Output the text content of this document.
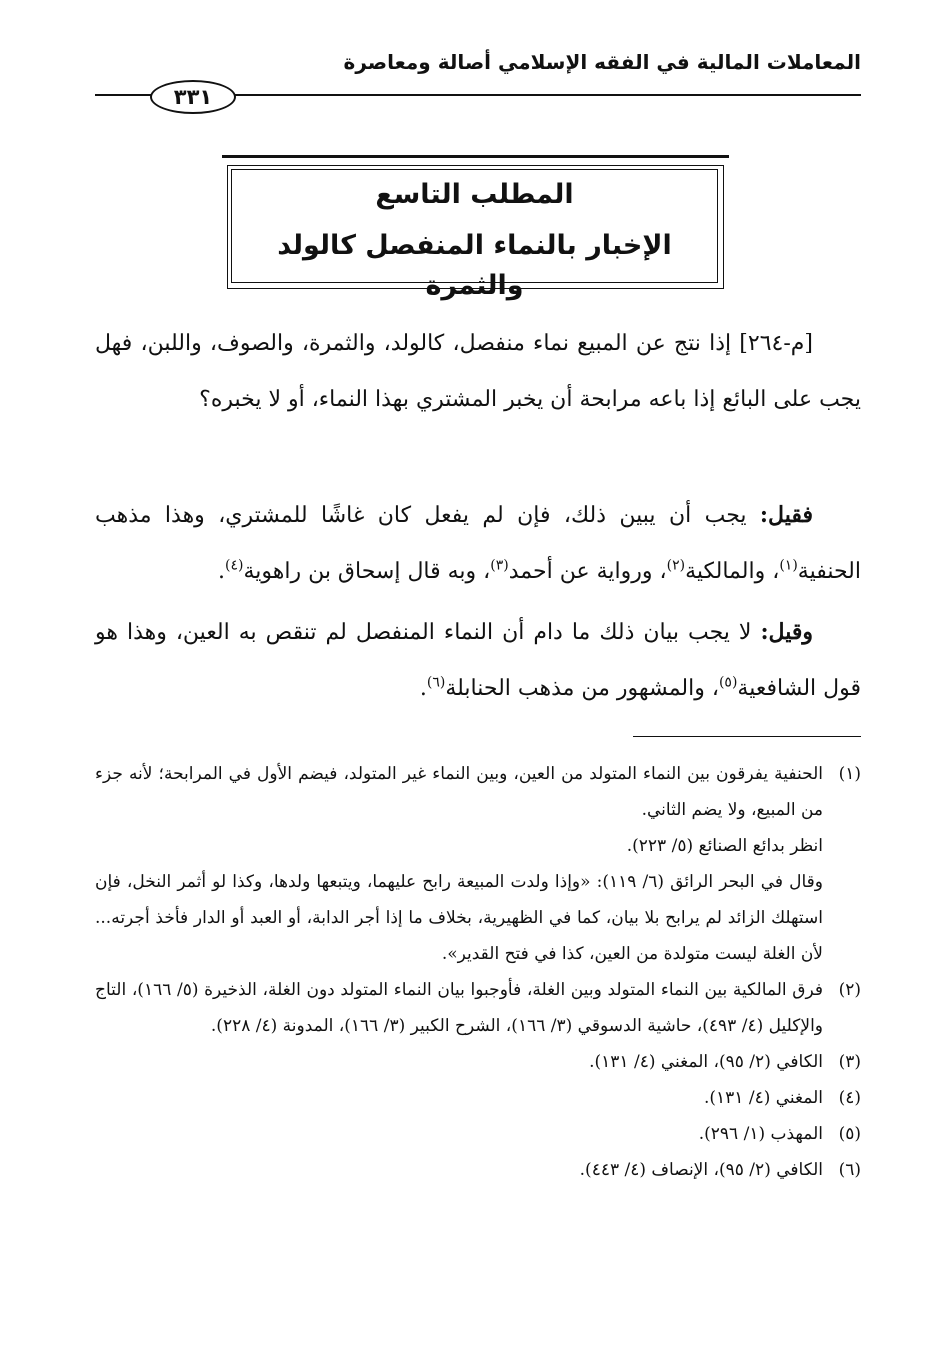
المعاملات المالية في الفقه الإسلامي أصالة ومعاصرة
٣٣١
المطلب التاسع
الإخبار بالنماء المنفصل كالولد والثمرة

[م-٢٦٤] إذا نتج عن المبيع نماء منفصل، كالولد، والثمرة، والصوف، واللبن، فهل يجب على البائع إذا باعه مرابحة أن يخبر المشتري بهذا النماء، أو لا يخبره؟

فقيل: يجب أن يبين ذلك، فإن لم يفعل كان غاشًا للمشتري، وهذا مذهب الحنفية$^{(١)}$، والمالكية$^{(٢)}$، ورواية عن أحمد$^{(٣)}$، وبه قال إسحاق بن راهوية$^{(٤)}$.

وقيل: لا يجب بيان ذلك ما دام أن النماء المنفصل لم تنقص به العين، وهذا هو قول الشافعية$^{(٥)}$، والمشهور من مذهب الحنابلة$^{(٦)}$.

(١)
الحنفية يفرقون بين النماء المتولد من العين، وبين النماء غير المتولد، فيضم الأول في المرابحة؛ لأنه جزء من المبيع، ولا يضم الثاني.
انظر بدائع الصنائع (٥/ ٢٢٣).
وقال في البحر الرائق (٦/ ١١٩): «وإذا ولدت المبيعة رابح عليهما، ويتبعها ولدها، وكذا لو أثمر النخل، فإن استهلك الزائد لم يرابح بلا بيان، كما في الظهيرية، بخلاف ما إذا أجر الدابة، أو العبد أو الدار فأخذ أجرته... لأن الغلة ليست متولدة من العين، كذا في فتح القدير».
(٢)
فرق المالكية بين النماء المتولد وبين الغلة، فأوجبوا بيان النماء المتولد دون الغلة، الذخيرة (٥/ ١٦٦)، التاج والإكليل (٤/ ٤٩٣)، حاشية الدسوقي (٣/ ١٦٦)، الشرح الكبير (٣/ ١٦٦)، المدونة (٤/ ٢٢٨).
(٣)
الكافي (٢/ ٩٥)، المغني (٤/ ١٣١).
(٤)
المغني (٤/ ١٣١).
(٥)
المهذب (١/ ٢٩٦).
(٦)
الكافي (٢/ ٩٥)، الإنصاف (٤/ ٤٤٣).
